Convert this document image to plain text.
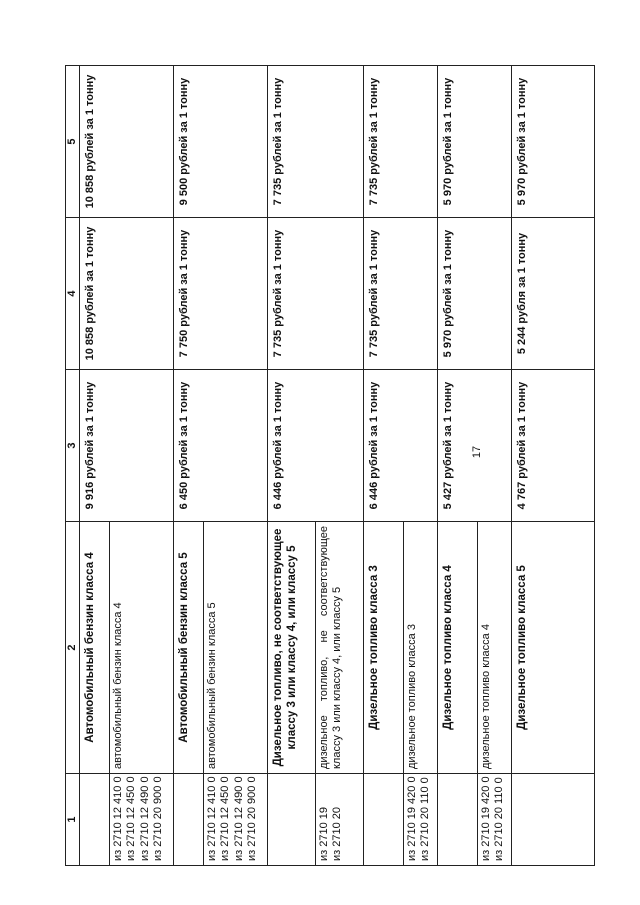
17
1	2	3	4	5
	Автомобильный бензин класса 4	9 916 рублей за 1 тонну	10 858 рублей за 1 тонну	10 858 рублей за 1 тонну

из 2710 12 410 0 из 2710 12 450 0 из 2710 12 490 0 из 2710 20 900 0	автомобильный бензин класса 4			
	Автомобильный бензин класса 5	6 450 рублей за 1 тонну	7 750 рублей за 1 тонну	9 500 рублей за 1 тонну

из 2710 12 410 0 из 2710 12 450 0 из 2710 12 490 0 из 2710 20 900 0	автомобильный бензин класса 5			
	Дизельное топливо, не соответствующее классу 3 или классу 4, или классу 5	6 446 рублей за 1 тонну	7 735 рублей за 1 тонну	7 735 рублей за 1 тонну

из 2710 19 из 2710 20	дизельное топливо, не соответствующее классу 3 или классу 4, или классу 5			
	Дизельное топливо класса 3	6 446 рублей за 1 тонну	7 735 рублей за 1 тонну	7 735 рублей за 1 тонну

из 2710 19 420 0 из 2710 20 110 0	дизельное топливо класса 3			
	Дизельное топливо класса 4	5 427 рублей за 1 тонну	5 970 рублей за 1 тонну	5 970 рублей за 1 тонну

из 2710 19 420 0 из 2710 20 110 0	дизельное топливо класса 4			
	Дизельное топливо класса 5	4 767 рублей за 1 тонну	5 244 рубля за 1 тонну	5 970 рублей за 1 тонну
